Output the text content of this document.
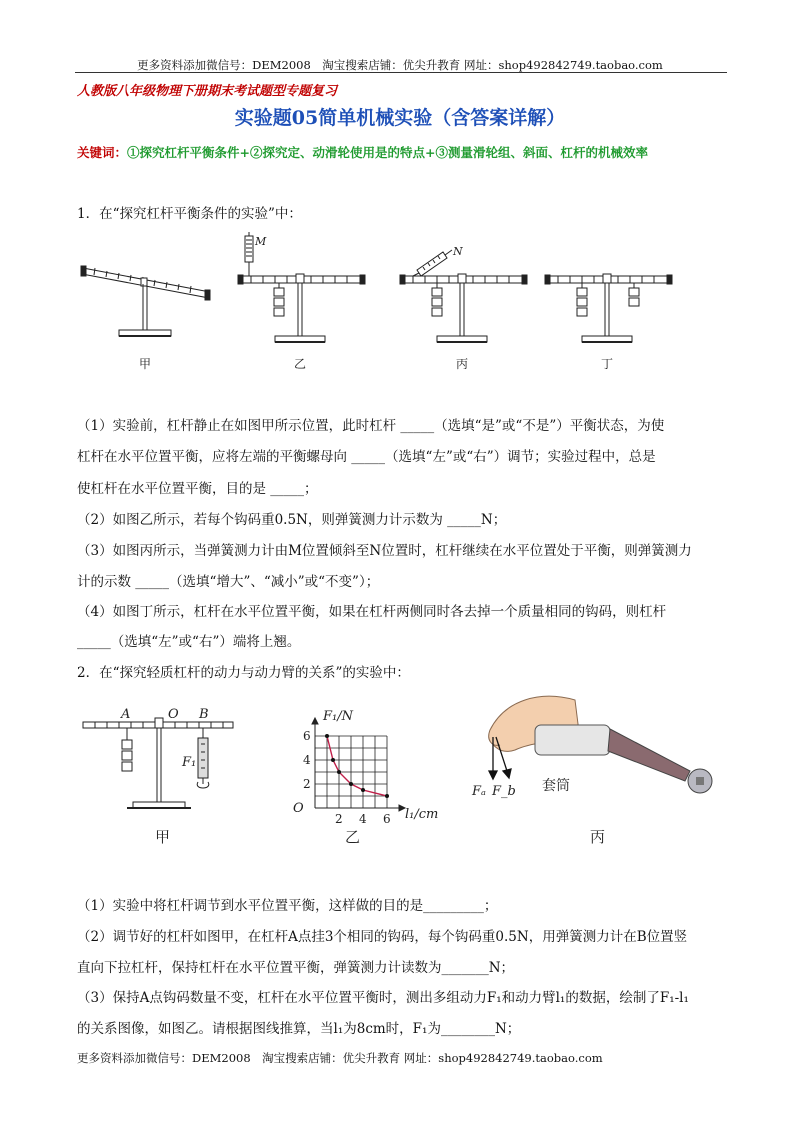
更多资料添加微信号：DEM2008　淘宝搜索店铺：优尖升教育 网址：shop492842749.taobao.com
人教版八年级物理下册期末考试题型专题复习
实验题05简单机械实验（含答案详解）
关键词：①探究杠杆平衡条件+②探究定、动滑轮使用是的特点+③测量滑轮组、斜面、杠杆的机械效率
1．在“探究杠杆平衡条件的实验”中：
M
N
甲	乙	丙	丁
（1）实验前，杠杆静止在如图甲所示位置，此时杠杆 _____（选填“是”或“不是”）平衡状态，为使
杠杆在水平位置平衡，应将左端的平衡螺母向 _____（选填“左”或“右”）调节；实验过程中，总是
使杠杆在水平位置平衡，目的是 _____；
（2）如图乙所示，若每个钩码重0.5N，则弹簧测力计示数为 _____N；
（3）如图丙所示，当弹簧测力计由M位置倾斜至N位置时，杠杆继续在水平位置处于平衡，则弹簧测力
计的示数 _____（选填“增大”、“减小”或“不变”）；
（4）如图丁所示，杠杆在水平位置平衡，如果在杠杆两侧同时各去掉一个质量相同的钩码，则杠杆
_____（选填“左”或“右”）端将上翘。
2．在“探究轻质杠杆的动力与动力臂的关系”的实验中：
A	O B
F₁
甲
2 4 6
2
4
6
F₁/N
l₁/cm
O
乙
Fₐ F_b 套筒
丙
（1）实验中将杠杆调节到水平位置平衡，这样做的目的是_________；
（2）调节好的杠杆如图甲，在杠杆A点挂3个相同的钩码，每个钩码重0.5N，用弹簧测力计在B位置竖
直向下拉杠杆，保持杠杆在水平位置平衡，弹簧测力计读数为_______N；
（3）保持A点钩码数量不变，杠杆在水平位置平衡时，测出多组动力F₁和动力臂l₁的数据，绘制了F₁-l₁
的关系图像，如图乙。请根据图线推算，当l₁为8cm时，F₁为________N；
更多资料添加微信号：DEM2008　淘宝搜索店铺：优尖升教育 网址：shop492842749.taobao.com
